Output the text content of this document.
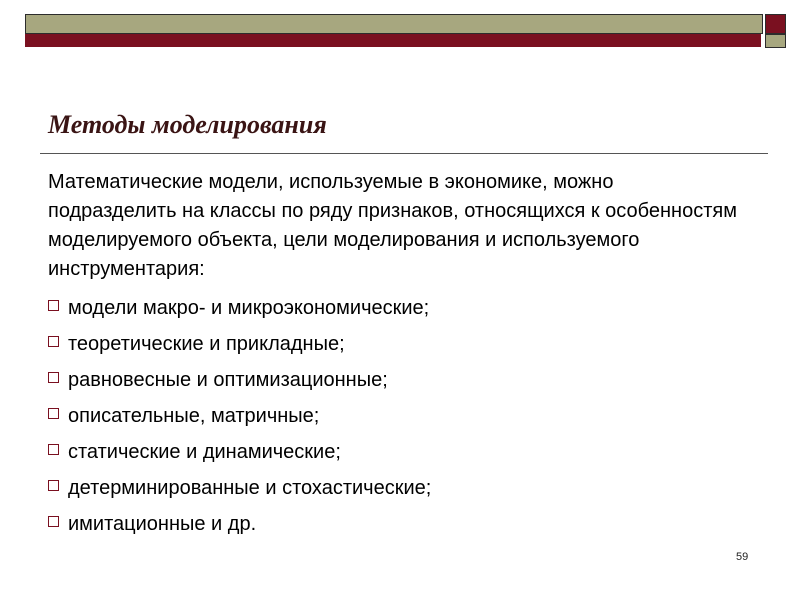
Методы моделирования

Математические модели, используемые в экономике, можно подразделить на классы по ряду признаков, относящихся к особенностям моделируемого объекта, цели моделирования и используемого инструментария:

модели макро- и микроэкономические;
теоретические и прикладные;
равновесные и оптимизационные;
описательные, матричные;
статические и динамические;
детерминированные и стохастические;
имитационные и др.
59
